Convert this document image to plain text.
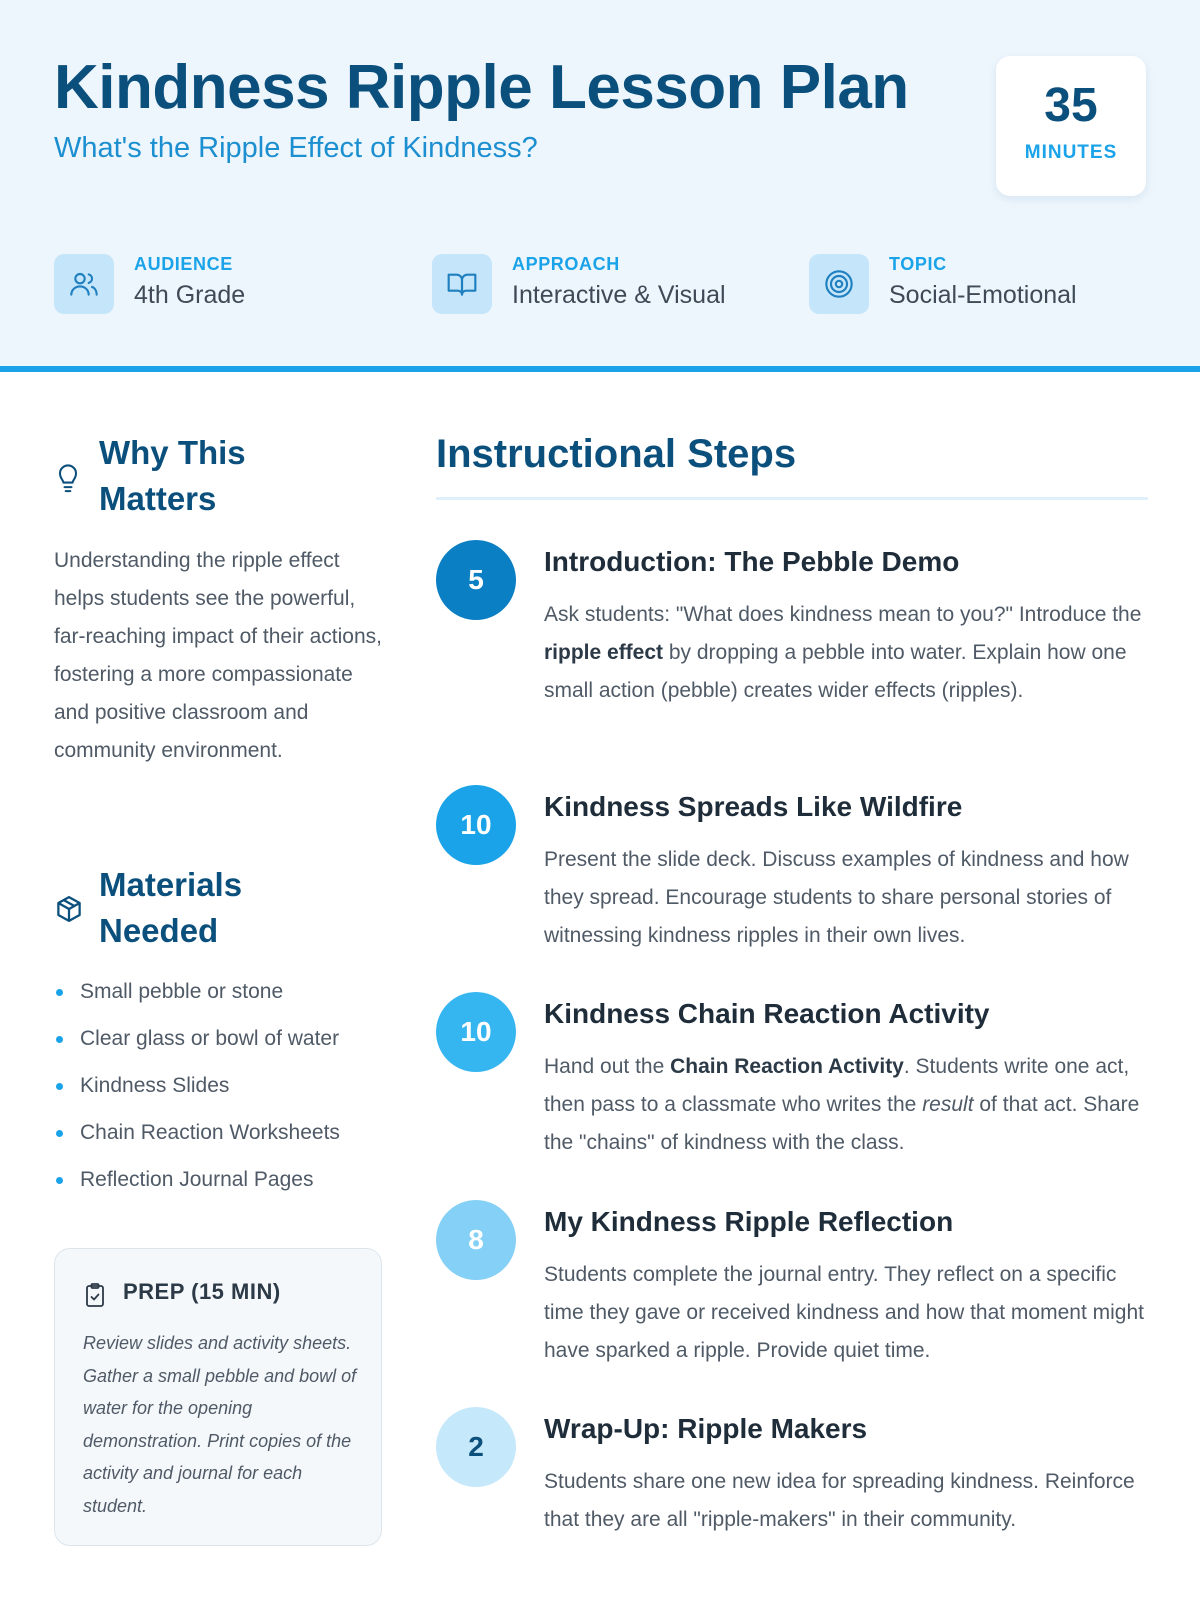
Kindness Ripple Lesson Plan
What's the Ripple Effect of Kindness?
35
MINUTES
AUDIENCE
4th Grade
APPROACH
Interactive & Visual
TOPIC
Social-Emotional
Why This Matters

Understanding the ripple effect helps students see the powerful, far-reaching impact of their actions, fostering a more compassionate and positive classroom and community environment.

Materials Needed
Small pebble or stone
Clear glass or bowl of water
Kindness Slides
Chain Reaction Worksheets
Reflection Journal Pages
PREP (15 MIN)

Review slides and activity sheets. Gather a small pebble and bowl of water for the opening demonstration. Print copies of the activity and journal for each student.

Instructional Steps
5
Introduction: The Pebble Demo

Ask students: "What does kindness mean to you?" Introduce the ripple effect by dropping a pebble into water. Explain how one small action (pebble) creates wider effects (ripples).

10
Kindness Spreads Like Wildfire

Present the slide deck. Discuss examples of kindness and how they spread. Encourage students to share personal stories of witnessing kindness ripples in their own lives.

10
Kindness Chain Reaction Activity

Hand out the Chain Reaction Activity. Students write one act, then pass to a classmate who writes the result of that act. Share the "chains" of kindness with the class.

8
My Kindness Ripple Reflection

Students complete the journal entry. They reflect on a specific time they gave or received kindness and how that moment might have sparked a ripple. Provide quiet time.

2
Wrap-Up: Ripple Makers

Students share one new idea for spreading kindness. Reinforce that they are all "ripple-makers" in their community.
